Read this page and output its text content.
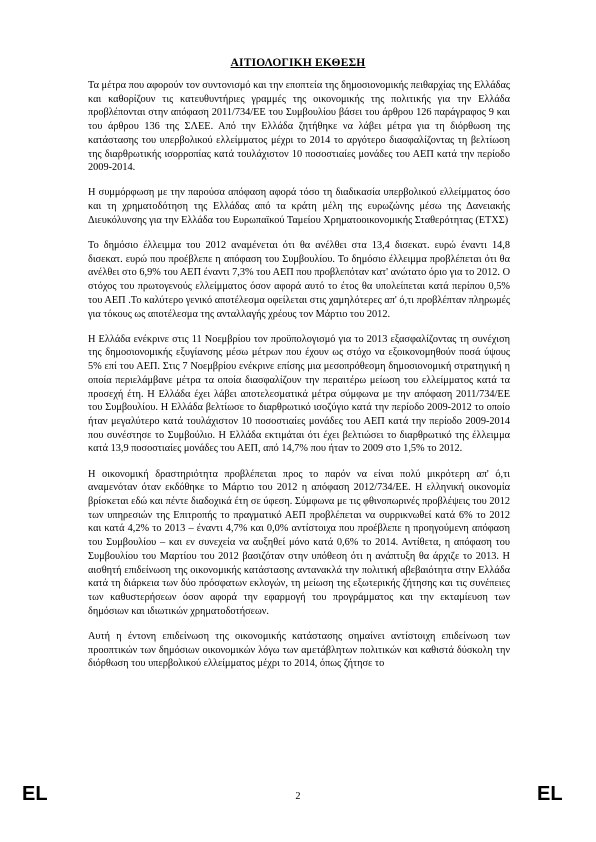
ΑΙΤΙΟΛΟΓΙΚΗ ΕΚΘΕΣΗ

Τα μέτρα που αφορούν τον συντονισμό και την εποπτεία της δημοσιονομικής πειθαρχίας της Ελλάδας και καθορίζουν τις κατευθυντήριες γραμμές της οικονομικής της πολιτικής για την Ελλάδα προβλέπονται στην απόφαση 2011/734/ΕΕ του Συμβουλίου βάσει του άρθρου 126 παράγραφος 9 και του άρθρου 136 της ΣΛΕΕ. Από την Ελλάδα ζητήθηκε να λάβει μέτρα για τη διόρθωση της κατάστασης του υπερβολικού ελλείμματος μέχρι το 2014 το αργότερο διασφαλίζοντας τη βελτίωση της διαρθρωτικής ισορροπίας κατά τουλάχιστον 10 ποσοστιαίες μονάδες του ΑΕΠ κατά την περίοδο 2009-2014.

Η συμμόρφωση με την παρούσα απόφαση αφορά τόσο τη διαδικασία υπερβολικού ελλείμματος όσο και τη χρηματοδότηση της Ελλάδας από τα κράτη μέλη της ευρωζώνης μέσω της Δανειακής Διευκόλυνσης για την Ελλάδα του Ευρωπαϊκού Ταμείου Χρηματοοικονομικής Σταθερότητας (ΕΤΧΣ)

Το δημόσιο έλλειμμα του 2012 αναμένεται ότι θα ανέλθει στα 13,4 δισεκατ. ευρώ έναντι 14,8 δισεκατ. ευρώ που προέβλεπε η απόφαση του Συμβουλίου. Το δημόσιο έλλειμμα προβλέπεται ότι θα ανέλθει στο 6,9% του ΑΕΠ έναντι 7,3% του ΑΕΠ που προβλεπόταν κατ' ανώτατο όριο για το 2012. Ο στόχος του πρωτογενούς ελλείμματος όσον αφορά αυτό το έτος θα υπολείπεται κατά περίπου 0,5% του ΑΕΠ .Το καλύτερο γενικό αποτέλεσμα οφείλεται στις χαμηλότερες απ' ό,τι προβλέπταν πληρωμές για τόκους ως αποτέλεσμα της ανταλλαγής χρέους τον Μάρτιο του 2012.

Η Ελλάδα ενέκρινε στις 11 Νοεμβρίου τον προϋπολογισμό για το 2013 εξασφαλίζοντας τη συνέχιση της δημοσιονομικής εξυγίανσης μέσω μέτρων που έχουν ως στόχο να εξοικονομηθούν ποσά ύψους 5% επί του ΑΕΠ. Στις 7 Νοεμβρίου ενέκρινε επίσης μια μεσοπρόθεσμη δημοσιονομική στρατηγική η οποία περιελάμβανε μέτρα τα οποία διασφαλίζουν την περαιτέρω μείωση του ελλείμματος κατά τα προσεχή έτη. Η Ελλάδα έχει λάβει αποτελεσματικά μέτρα σύμφωνα με την απόφαση 2011/734/ΕΕ του Συμβουλίου. Η Ελλάδα βελτίωσε το διαρθρωτικό ισοζύγιο κατά την περίοδο 2009-2012 το οποίο ήταν μεγαλύτερο κατά τουλάχιστον 10 ποσοστιαίες μονάδες του ΑΕΠ κατά την περίοδο 2009-2014 που συνέστησε το Συμβούλιο. Η Ελλάδα εκτιμάται ότι έχει βελτιώσει το διαρθρωτικό της έλλειμμα κατά 13,9 ποσοστιαίες μονάδες του ΑΕΠ, από 14,7% που ήταν το 2009 στο 1,5% το 2012.

Η οικονομική δραστηριότητα προβλέπεται προς το παρόν να είναι πολύ μικρότερη απ' ό,τι αναμενόταν όταν εκδόθηκε το Μάρτιο του 2012 η απόφαση 2012/734/ΕΕ. Η ελληνική οικονομία βρίσκεται εδώ και πέντε διαδοχικά έτη σε ύφεση. Σύμφωνα με τις φθινοπωρινές προβλέψεις του 2012 των υπηρεσιών της Επιτροπής το πραγματικό ΑΕΠ προβλέπεται να συρρικνωθεί κατά 6% το 2012 και κατά 4,2% το 2013 – έναντι 4,7% και 0,0% αντίστοιχα που προέβλεπε η προηγούμενη απόφαση του Συμβουλίου – και εν συνεχεία να αυξηθεί μόνο κατά 0,6% το 2014. Αντίθετα, η απόφαση του Συμβουλίου του Μαρτίου του 2012 βασιζόταν στην υπόθεση ότι η ανάπτυξη θα άρχιζε το 2013. Η αισθητή επιδείνωση της οικονομικής κατάστασης αντανακλά την πολιτική αβεβαιότητα στην Ελλάδα κατά τη διάρκεια των δύο πρόσφατων εκλογών, τη μείωση της εξωτερικής ζήτησης και τις συνέπειες των καθυστερήσεων όσον αφορά την εφαρμογή του προγράμματος και την εκταμίευση των δημόσιων και ιδιωτικών χρηματοδοτήσεων.

Αυτή η έντονη επιδείνωση της οικονομικής κατάστασης σημαίνει αντίστοιχη επιδείνωση των προοπτικών των δημόσιων οικονομικών λόγω των αμετάβλητων πολιτικών και καθιστά δύσκολη την διόρθωση του υπερβολικού ελλείμματος μέχρι το 2014, όπως ζήτησε το

EL	2	EL
